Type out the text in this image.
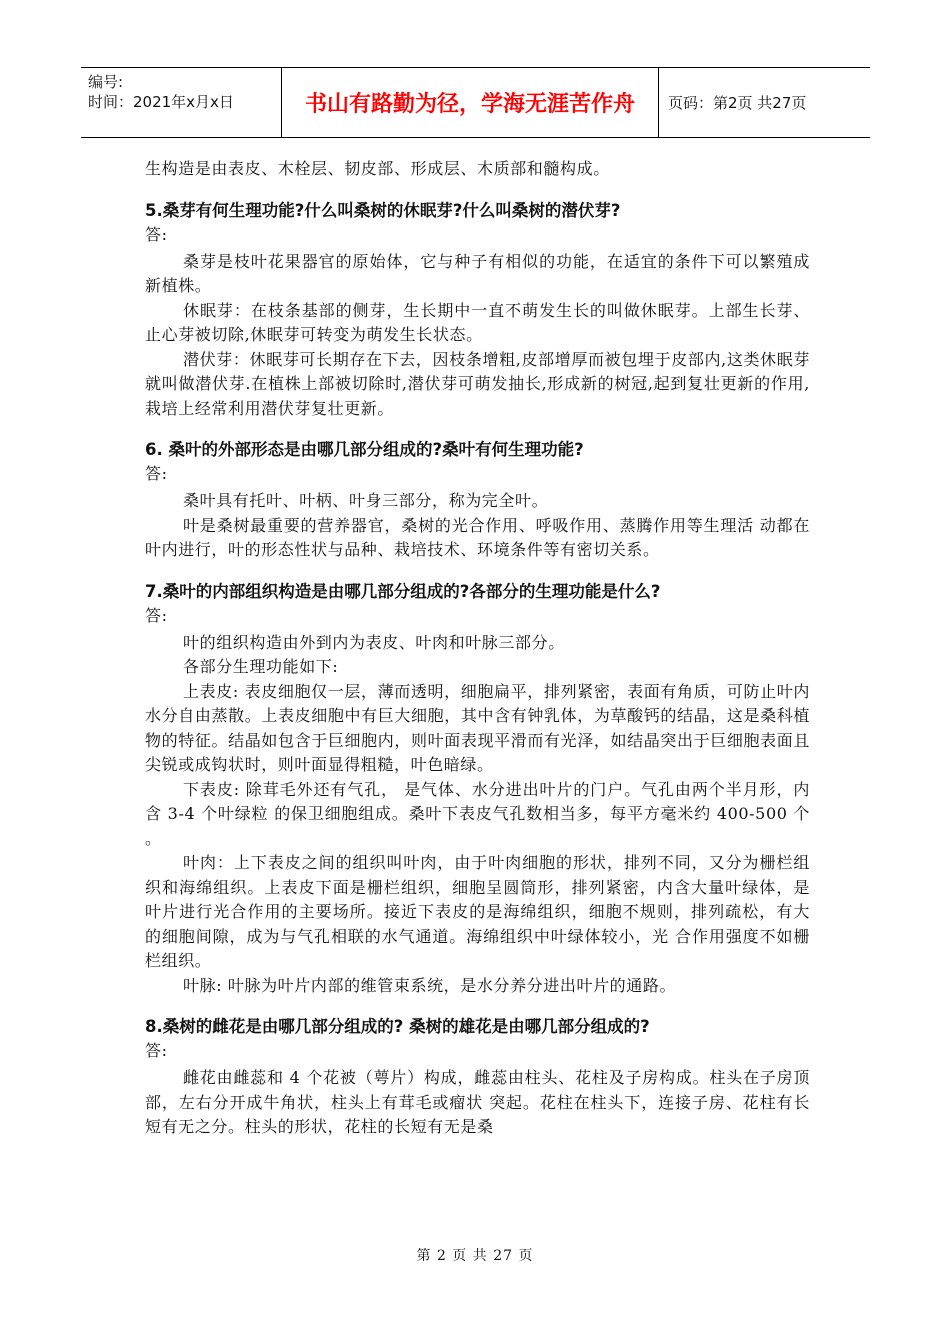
编号:
时间：2021年x月x日	书山有路勤为径，学海无涯苦作舟	页码：第2页 共27页

生构造是由表皮、木栓层、韧皮部、形成层、木质部和髓构成。

5.桑芽有何生理功能?什么叫桑树的休眠芽?什么叫桑树的潜伏芽?

答:

桑芽是枝叶花果器官的原始体，它与种子有相似的功能，在适宜的条件下可以繁殖成新植株。

休眠芽：在枝条基部的侧芽，生长期中一直不萌发生长的叫做休眠芽。上部生长芽、止心芽被切除,休眠芽可转变为萌发生长状态。

潜伏芽：休眠芽可长期存在下去，因枝条增粗,皮部增厚而被包埋于皮部内,这类休眠芽就叫做潜伏芽.在植株上部被切除时,潜伏芽可萌发抽长,形成新的树冠,起到复壮更新的作用,栽培上经常利用潜伏芽复壮更新。

6. 桑叶的外部形态是由哪几部分组成的?桑叶有何生理功能?

答:

桑叶具有托叶、叶柄、叶身三部分，称为完全叶。

叶是桑树最重要的营养器官，桑树的光合作用、呼吸作用、蒸腾作用等生理活 动都在叶内进行，叶的形态性状与品种、栽培技术、环境条件等有密切关系。

7.桑叶的内部组织构造是由哪几部分组成的?各部分的生理功能是什么?

答:

叶的组织构造由外到内为表皮、叶肉和叶脉三部分。

各部分生理功能如下:

上表皮: 表皮细胞仅一层，薄而透明，细胞扁平，排列紧密，表面有角质，可防止叶内水分自由蒸散。上表皮细胞中有巨大细胞，其中含有钟乳体，为草酸钙的结晶，这是桑科植物的特征。结晶如包含于巨细胞内，则叶面表现平滑而有光泽，如结晶突出于巨细胞表面且尖锐或成钩状时，则叶面显得粗糙，叶色暗绿。

下表皮: 除茸毛外还有气孔， 是气体、水分进出叶片的门户。气孔由两个半月形，内含 3-4 个叶绿粒 的保卫细胞组成。桑叶下表皮气孔数相当多，每平方毫米约 400-500 个 。

叶肉：上下表皮之间的组织叫叶肉，由于叶肉细胞的形状，排列不同，又分为栅栏组织和海绵组织。上表皮下面是栅栏组织，细胞呈圆筒形，排列紧密，内含大量叶绿体，是 叶片进行光合作用的主要场所。接近下表皮的是海绵组织，细胞不规则，排列疏松，有大 的细胞间隙，成为与气孔相联的水气通道。海绵组织中叶绿体较小，光 合作用强度不如栅栏组织。

叶脉: 叶脉为叶片内部的维管束系统，是水分养分进出叶片的通路。

8.桑树的雌花是由哪几部分组成的? 桑树的雄花是由哪几部分组成的?

答:

雌花由雌蕊和 4 个花被（萼片）构成，雌蕊由柱头、花柱及子房构成。柱头在子房顶部，左右分开成牛角状，柱头上有茸毛或瘤状 突起。花柱在柱头下，连接子房、花柱有长短有无之分。柱头的形状，花柱的长短有无是桑

第 2 页 共 27 页
